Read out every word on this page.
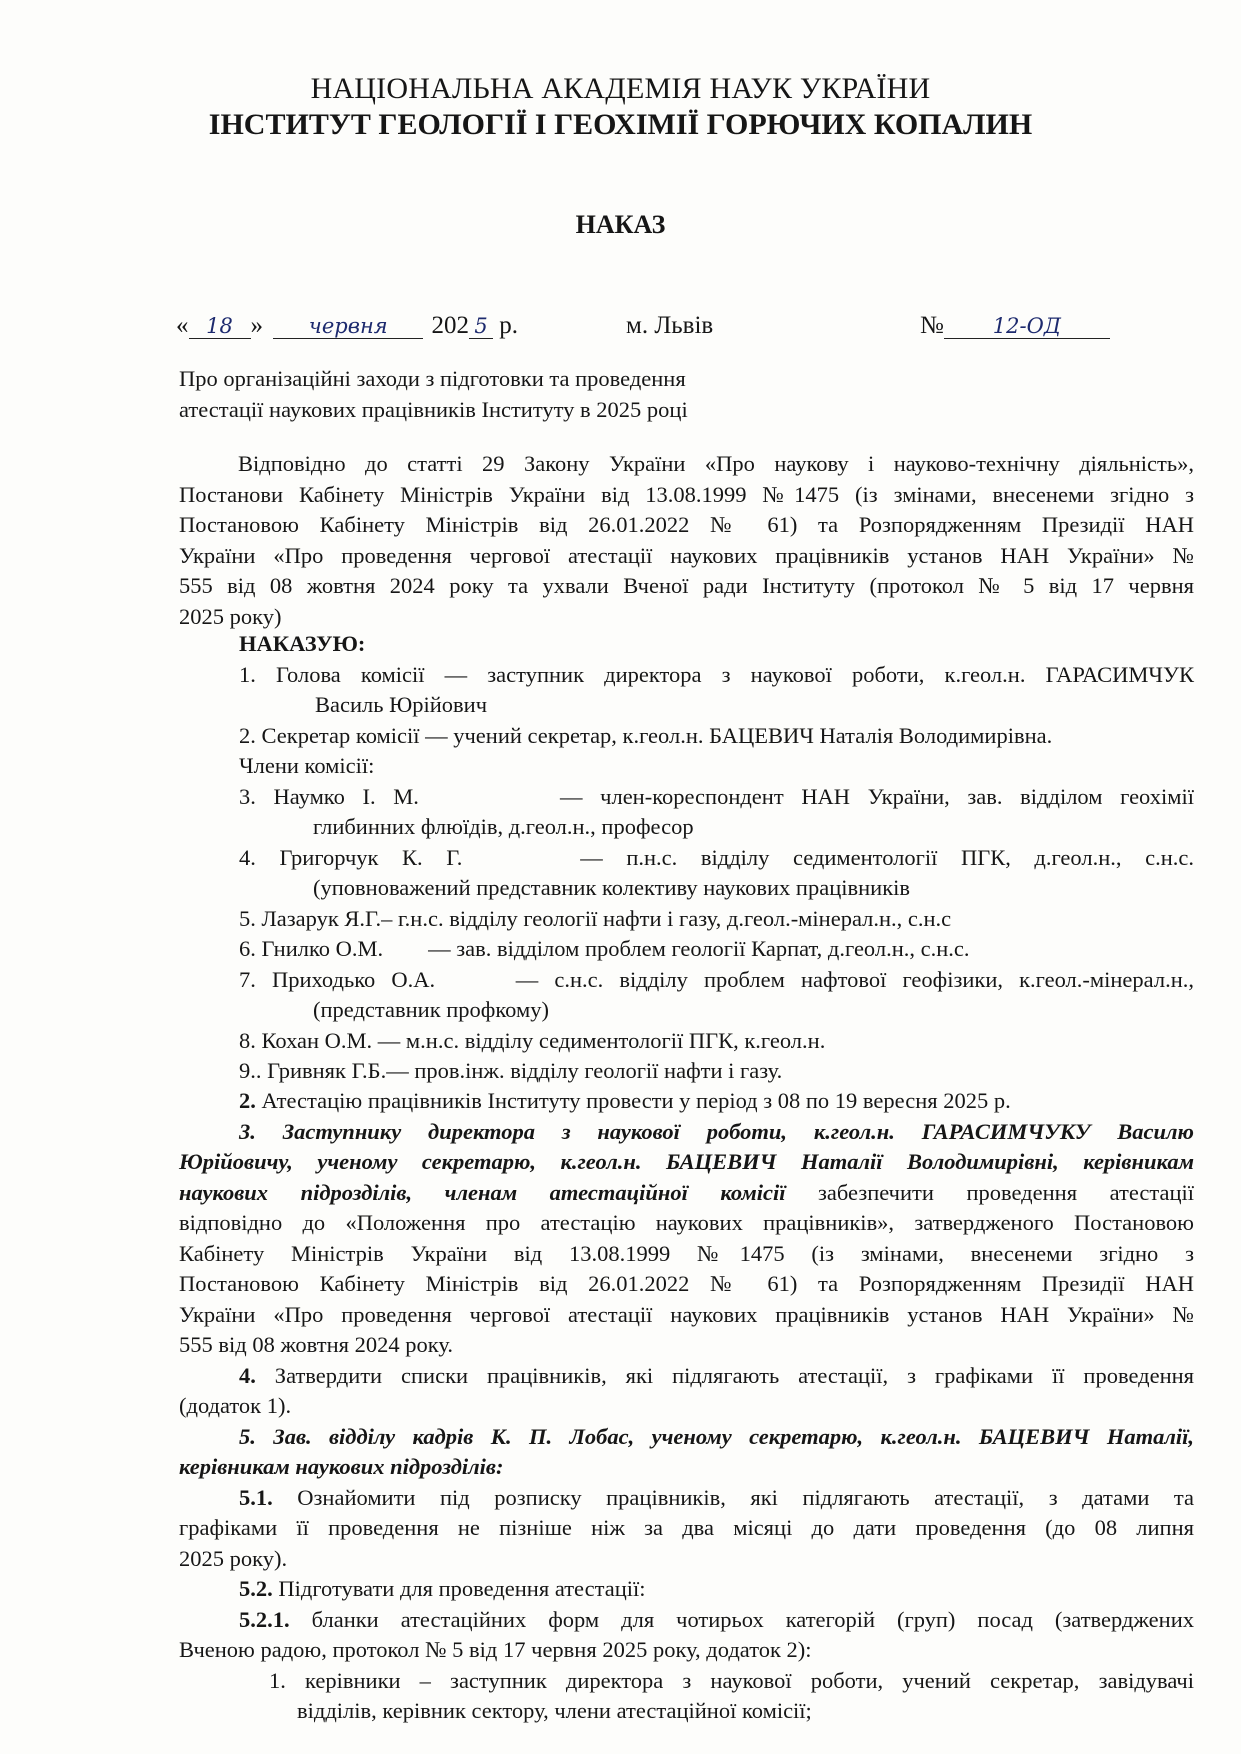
НАЦІОНАЛЬНА АКАДЕМІЯ НАУК УКРАЇНИ
ІНСТИТУТ ГЕОЛОГІЇ І ГЕОХІМІЇ ГОРЮЧИХ КОПАЛИН
НАКАЗ
« 18 » червня 202 5 р.	м. Львів	№ 12-ОД
Про організаційні заходи з підготовки та проведення
атестації наукових працівників Інституту в 2025 році
Відповідно до статті 29 Закону України «Про наукову і науково-технічну діяльність»,
Постанови Кабінету Міністрів України від 13.08.1999 №1475 (із змінами, внесенеми згідно з
Постановою Кабінету Міністрів від 26.01.2022 № 61) та Розпорядженням Президії НАН
України «Про проведення чергової атестації наукових працівників установ НАН України» №
555 від 08 жовтня 2024 року та ухвали Вченої ради Інституту (протокол № 5 від 17 червня
2025 року)
НАКАЗУЮ:
1. Голова комісії — заступник директора з наукової роботи, к.геол.н. ГАРАСИМЧУК
Василь Юрійович
2. Секретар комісії — учений секретар, к.геол.н. БАЦЕВИЧ Наталія Володимирівна.
Члени комісії:
3. Наумко І. М.        — член-кореспондент НАН України, зав. відділом геохімії
глибинних флюїдів, д.геол.н., професор
4. Григорчук К. Г.     — п.н.с. відділу седиментології ПГК, д.геол.н., с.н.с.
(уповноважений представник колективу наукових працівників
5. Лазарук Я.Г.– г.н.с. відділу геології нафти і газу, д.геол.-мінерал.н., с.н.с
6. Гнилко О.М.        — зав. відділом проблем геології Карпат, д.геол.н., с.н.с.
7. Приходько О.А.     — с.н.с. відділу проблем нафтової геофізики, к.геол.-мінерал.н.,
(представник профкому)
8. Кохан О.М. — м.н.с. відділу седиментології ПГК, к.геол.н.
9.. Гривняк Г.Б.— пров.інж. відділу геології нафти і газу.
2. Атестацію працівників Інституту провести у період з 08 по 19 вересня 2025 р.
3. Заступнику директора з наукової роботи, к.геол.н. ГАРАСИМЧУКУ Василю
Юрійовичу, ученому секретарю, к.геол.н. БАЦЕВИЧ Наталії Володимирівні, керівникам
наукових підрозділів, членам атестаційної комісії забезпечити проведення атестації
відповідно до «Положення про атестацію наукових працівників», затвердженого Постановою
Кабінету Міністрів України від 13.08.1999 №1475 (із змінами, внесенеми згідно з
Постановою Кабінету Міністрів від 26.01.2022 № 61) та Розпорядженням Президії НАН
України «Про проведення чергової атестації наукових працівників установ НАН України» №
555 від 08 жовтня 2024 року.
4. Затвердити списки працівників, які підлягають атестації, з графіками її проведення
(додаток 1).
5. Зав. відділу кадрів К. П. Лобас, ученому секретарю, к.геол.н. БАЦЕВИЧ Наталії,
керівникам наукових підрозділів:
5.1. Ознайомити під розписку працівників, які підлягають атестації, з датами та
графіками її проведення не пізніше ніж за два місяці до дати проведення (до 08 липня
2025 року).
5.2. Підготувати для проведення атестації:
5.2.1. бланки атестаційних форм для чотирьох категорій (груп) посад (затверджених
Вченою радою, протокол № 5 від 17 червня 2025 року, додаток 2):
1. керівники – заступник директора з наукової роботи, учений секретар, завідувачі
відділів, керівник сектору, члени атестаційної комісії;
